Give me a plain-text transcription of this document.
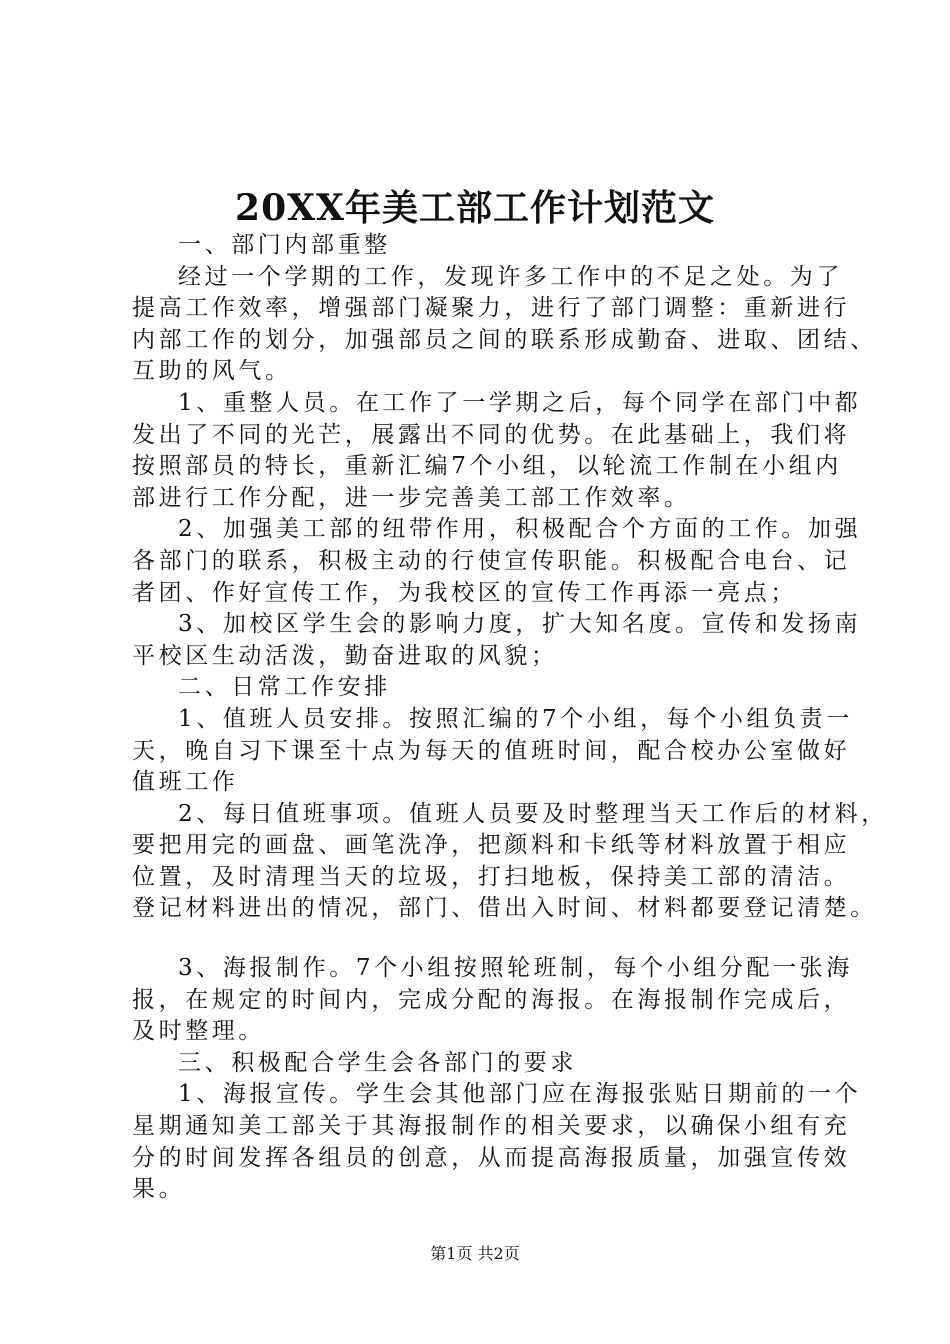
20XX年美工部工作计划范文
一、部门内部重整
经过一个学期的工作，发现许多工作中的不足之处。为了
提高工作效率，增强部门凝聚力，进行了部门调整：重新进行
内部工作的划分，加强部员之间的联系形成勤奋、进取、团结、
互助的风气。
1、重整人员。在工作了一学期之后，每个同学在部门中都
发出了不同的光芒，展露出不同的优势。在此基础上，我们将
按照部员的特长，重新汇编7个小组，以轮流工作制在小组内
部进行工作分配，进一步完善美工部工作效率。
2、加强美工部的纽带作用，积极配合个方面的工作。加强
各部门的联系，积极主动的行使宣传职能。积极配合电台、记
者团、作好宣传工作，为我校区的宣传工作再添一亮点；
3、加校区学生会的影响力度，扩大知名度。宣传和发扬南
平校区生动活泼，勤奋进取的风貌；
二、日常工作安排
1、值班人员安排。按照汇编的7个小组，每个小组负责一
天，晚自习下课至十点为每天的值班时间，配合校办公室做好
值班工作
2、每日值班事项。值班人员要及时整理当天工作后的材料，
要把用完的画盘、画笔洗净，把颜料和卡纸等材料放置于相应
位置，及时清理当天的垃圾，打扫地板，保持美工部的清洁。
登记材料进出的情况，部门、借出入时间、材料都要登记清楚。
3、海报制作。7个小组按照轮班制，每个小组分配一张海
报，在规定的时间内，完成分配的海报。在海报制作完成后，
及时整理。
三、积极配合学生会各部门的要求
1、海报宣传。学生会其他部门应在海报张贴日期前的一个
星期通知美工部关于其海报制作的相关要求，以确保小组有充
分的时间发挥各组员的创意，从而提高海报质量，加强宣传效
果。
第1页 共2页
